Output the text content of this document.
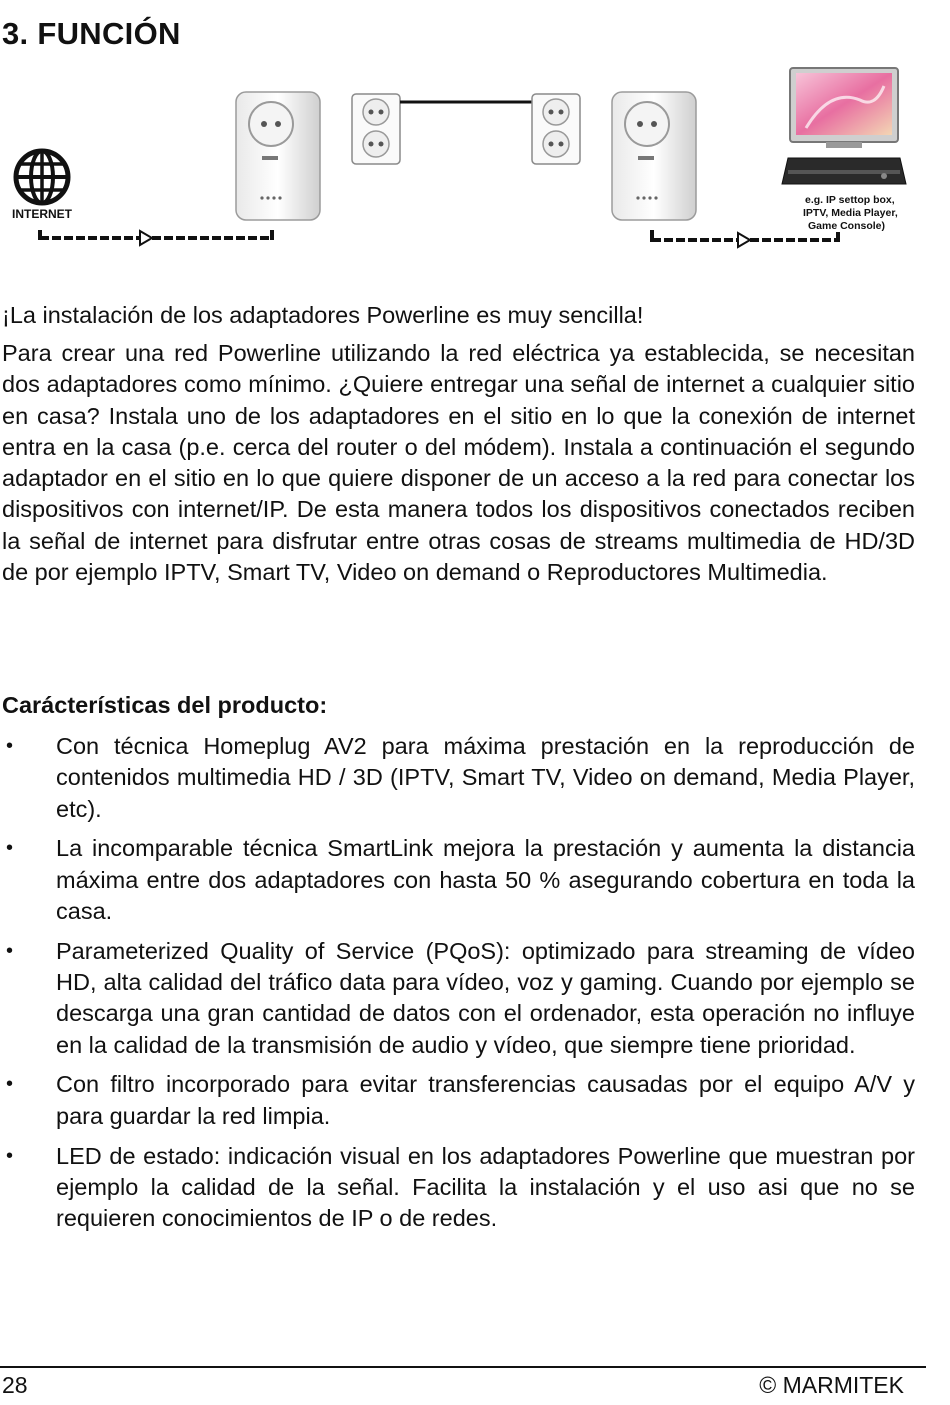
3. FUNCIÓN
INTERNET
e.g. IP settop box,
IPTV, Media Player,
Game Console)
¡La instalación de los adaptadores Powerline es muy sencilla!
Para crear una red Powerline utilizando la red eléctrica ya establecida, se necesitan dos adaptadores como mínimo. ¿Quiere entregar una señal de internet a cualquier sitio en casa? Instala uno de los adaptadores en el sitio en lo que la conexión de internet entra en la casa (p.e. cerca del router o del módem). Instala a continuación el segundo adaptador en el sitio en lo que quiere disponer de un acceso a la red para conectar los dispositivos con internet/IP. De esta manera todos los dispositivos conectados reciben la señal de internet para disfrutar entre otras cosas de streams multimedia de HD/3D de por ejemplo IPTV, Smart TV, Video on demand o Reproductores Multimedia.
Carácterísticas del producto:
• Con técnica Homeplug AV2 para máxima prestación en la reproducción de contenidos multimedia HD / 3D (IPTV, Smart TV, Video on demand, Media Player, etc).
• La incomparable técnica SmartLink mejora la prestación y aumenta la distancia máxima entre dos adaptadores con hasta 50 % asegurando cobertura en toda la casa.
• Parameterized Quality of Service (PQoS): optimizado para streaming de vídeo HD, alta calidad del tráfico data para vídeo, voz y gaming. Cuando por ejemplo se descarga una gran cantidad de datos con el ordenador, esta operación no influye en la calidad de la transmisión de audio y vídeo, que siempre tiene prioridad.
• Con filtro incorporado para evitar transferencias causadas por el equipo A/V y para guardar la red limpia.
• LED de estado: indicación visual en los adaptadores Powerline que muestran por ejemplo la calidad de la señal. Facilita la instalación y el uso asi que no se requieren conocimientos de IP o de redes.
28	© MARMITEK
